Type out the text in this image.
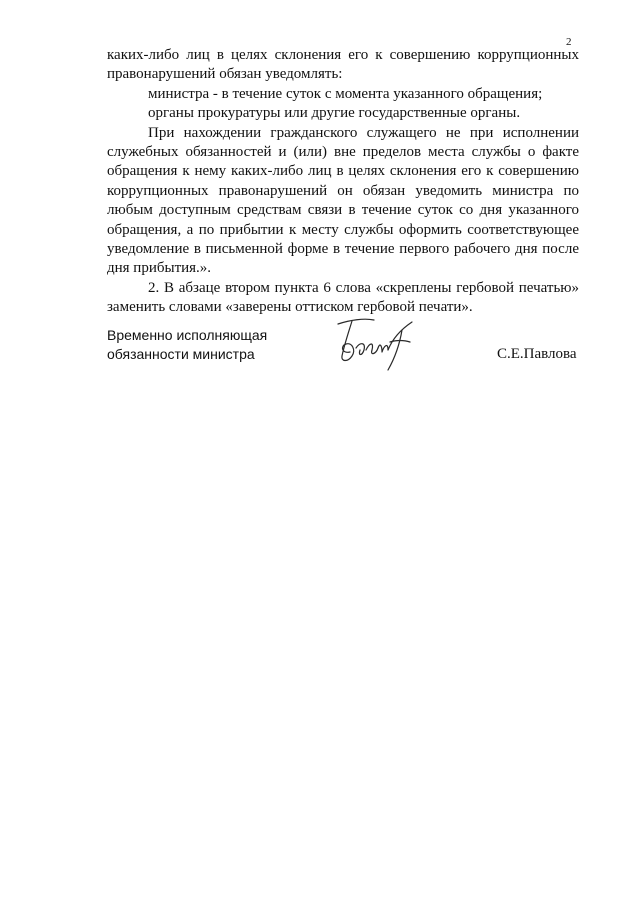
2

каких-либо лиц в целях склонения его к совершению коррупционных правонарушений обязан уведомлять:

министра - в течение суток с момента указанного обращения;

органы прокуратуры или другие государственные органы.

При нахождении гражданского служащего не при исполнении служебных обязанностей и (или) вне пределов места службы о факте обращения к нему каких-либо лиц в целях склонения его к совершению коррупционных правонарушений он обязан уведомить министра по любым доступным средствам связи в течение суток со дня указанного обращения, а по прибытии к месту службы оформить соответствующее уведомление в письменной форме в течение первого рабочего дня после дня прибытия.».

2. В абзаце втором пункта 6 слова «скреплены гербовой печатью» заменить словами «заверены оттиском гербовой печати».

Временно исполняющая
обязанности министра	С.Е.Павлова
